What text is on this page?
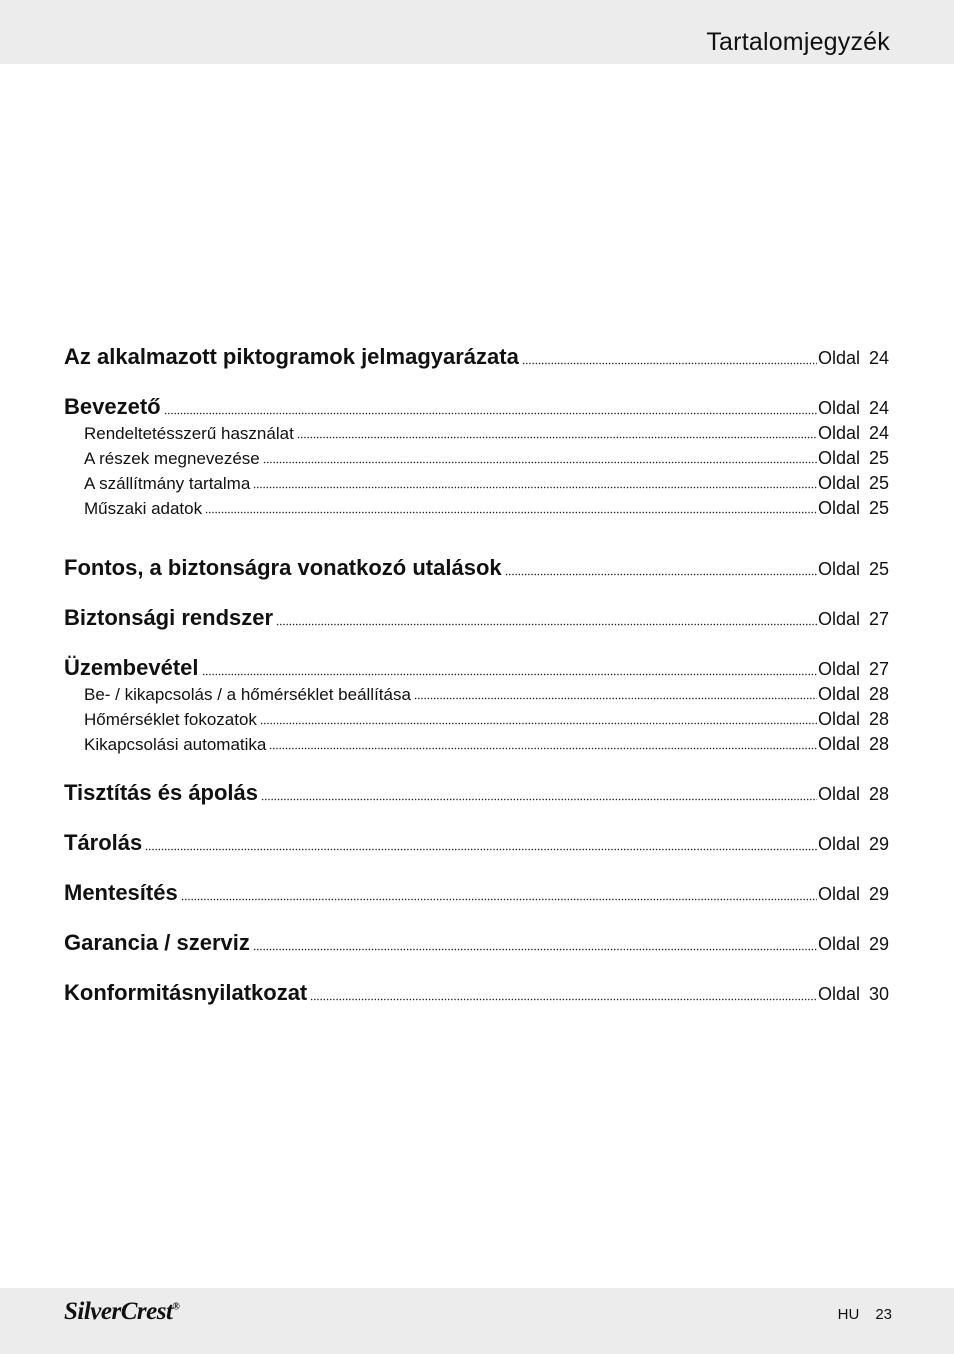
Tartalomjegyzék
Az alkalmazott piktogramok jelmagyarázata	Oldal 24
Bevezető	Oldal 24
Rendeltetésszerű használat	Oldal 24
A részek megnevezése	Oldal 25
A szállítmány tartalma	Oldal 25
Műszaki adatok	Oldal 25
Fontos, a biztonságra vonatkozó utalások	Oldal 25
Biztonsági rendszer	Oldal 27
Üzembevétel	Oldal 27
Be- / kikapcsolás / a hőmérséklet beállítása	Oldal 28
Hőmérséklet fokozatok	Oldal 28
Kikapcsolási automatika	Oldal 28
Tisztítás és ápolás	Oldal 28
Tárolás	Oldal 29
Mentesítés	Oldal 29
Garancia / szerviz	Oldal 29
Konformitásnyilatkozat	Oldal 30
SilverCrest®	HU 23
